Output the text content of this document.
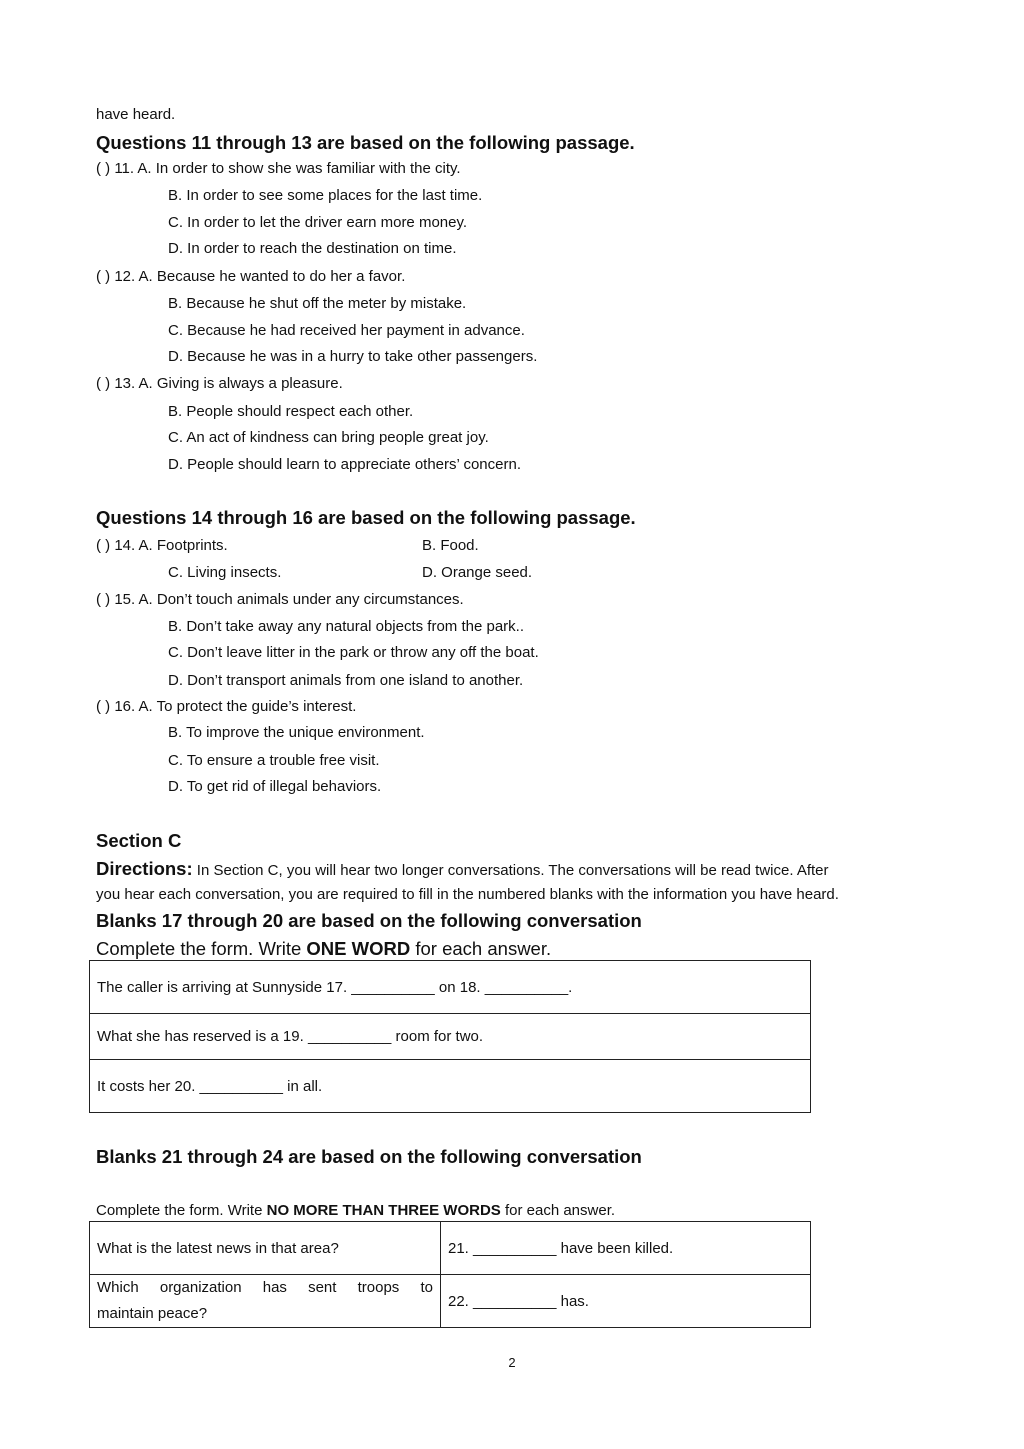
have heard.
Questions 11 through 13 are based on the following passage.
( ) 11. A. In order to show she was familiar with the city.
B. In order to see some places for the last time.
C. In order to let the driver earn more money.
D. In order to reach the destination on time.
( ) 12. A. Because he wanted to do her a favor.
B. Because he shut off the meter by mistake.
C. Because he had received her payment in advance.
D. Because he was in a hurry to take other passengers.
( ) 13. A. Giving is always a pleasure.
B. People should respect each other.
C. An act of kindness can bring people great joy.
D. People should learn to appreciate others’ concern.
Questions 14 through 16 are based on the following passage.
( ) 14. A. Footprints.	B. Food.
C. Living insects.	D. Orange seed.
( ) 15. A. Don’t touch animals under any circumstances.
B. Don’t take away any natural objects from the park..
C. Don’t leave litter in the park or throw any off the boat.
D. Don’t transport animals from one island to another.
( ) 16. A. To protect the guide’s interest.
B. To improve the unique environment.
C. To ensure a trouble free visit.
D. To get rid of illegal behaviors.
Section C
Directions: In Section C, you will hear two longer conversations. The conversations will be read twice. After
you hear each conversation, you are required to fill in the numbered blanks with the information you have heard.
Blanks 17 through 20 are based on the following conversation
Complete the form. Write ONE WORD for each answer.
The caller is arriving at Sunnyside 17. __________ on 18. __________.
What she has reserved is a 19. __________ room for two.
It costs her 20. __________ in all.
Blanks 21 through 24 are based on the following conversation
Complete the form. Write NO MORE THAN THREE WORDS for each answer.
What is the latest news in that area?	21. __________ have been killed.

Which organization has sent troops to
maintain peace?	22. __________ has.
2
